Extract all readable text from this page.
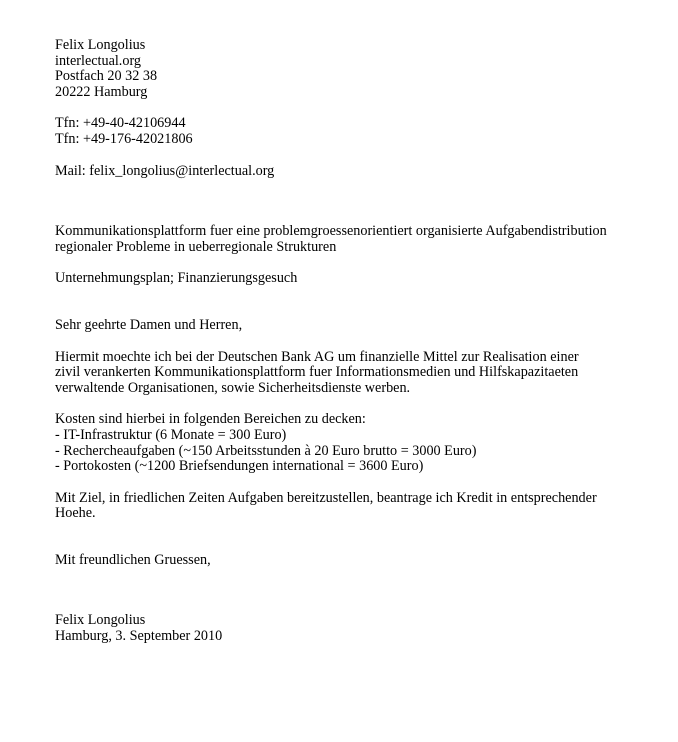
Felix Longolius
interlectual.org
Postfach 20 32 38
20222 Hamburg
Tfn: +49-40-42106944
Tfn: +49-176-42021806
Mail: felix_longolius@interlectual.org
Kommunikationsplattform fuer eine problemgroessenorientiert organisierte Aufgabendistribution
regionaler Probleme in ueberregionale Strukturen
Unternehmungsplan; Finanzierungsgesuch
Sehr geehrte Damen und Herren,
Hiermit moechte ich bei der Deutschen Bank AG um finanzielle Mittel zur Realisation einer
zivil verankerten Kommunikationsplattform fuer Informationsmedien und Hilfskapazitaeten
verwaltende Organisationen, sowie Sicherheitsdienste werben.
Kosten sind hierbei in folgenden Bereichen zu decken:
- IT-Infrastruktur (6 Monate = 300 Euro)
- Rechercheaufgaben (~150 Arbeitsstunden à 20 Euro brutto = 3000 Euro)
- Portokosten (~1200 Briefsendungen international = 3600 Euro)
Mit Ziel, in friedlichen Zeiten Aufgaben bereitzustellen, beantrage ich Kredit in entsprechender
Hoehe.
Mit freundlichen Gruessen,
Felix Longolius
Hamburg, 3. September 2010
